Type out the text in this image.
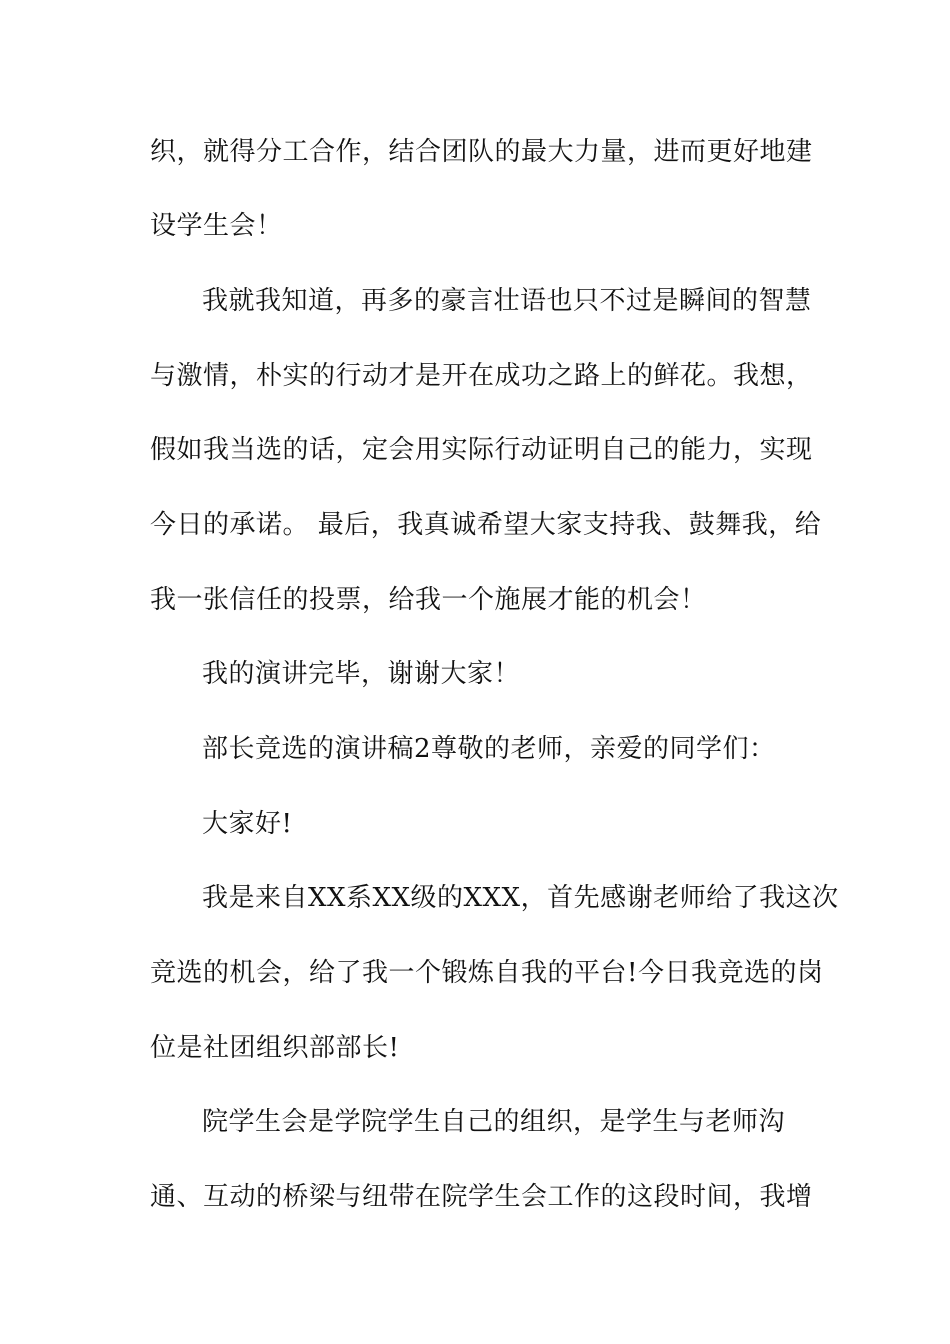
织，就得分工合作，结合团队的最大力量，进而更好地建
设学生会！
我就我知道，再多的豪言壮语也只不过是瞬间的智慧
与激情，朴实的行动才是开在成功之路上的鲜花。我想，
假如我当选的话，定会用实际行动证明自己的能力，实现
今日的承诺。 最后，我真诚希望大家支持我、鼓舞我，给
我一张信任的投票，给我一个施展才能的机会！
我的演讲完毕，谢谢大家！
部长竞选的演讲稿2尊敬的老师，亲爱的同学们：
大家好!
我是来自XX系XX级的XXX，首先感谢老师给了我这次
竞选的机会，给了我一个锻炼自我的平台!今日我竞选的岗
位是社团组织部部长!
院学生会是学院学生自己的组织，是学生与老师沟
通、互动的桥梁与纽带在院学生会工作的这段时间，我增
